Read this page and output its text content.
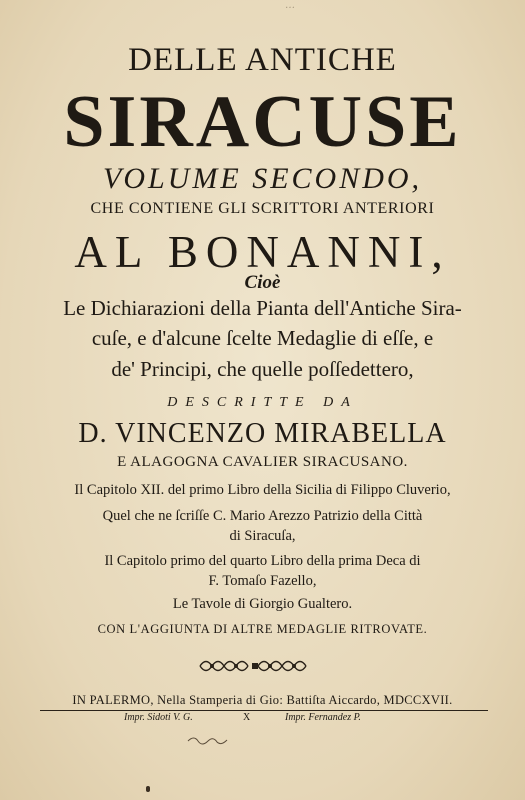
…
DELLE ANTICHE
SIRACUSE
VOLUME SECONDO,
CHE CONTIENE GLI SCRITTORI ANTERIORI
AL BONANNI,
Cioè
Le Dichiarazioni della Pianta dell'Antiche Sira-
cuſe, e d'alcune ſcelte Medaglie di eſſe, e
de' Principi, che quelle poſſedettero,
DESCRITTE DA
D. VINCENZO MIRABELLA
E ALAGOGNA CAVALIER SIRACUSANO.
Il Capitolo XII. del primo Libro della Sicilia di Filippo Cluverio,
Quel che ne ſcriſſe C. Mario Arezzo Patrizio della Città
di Siracuſa,
Il Capitolo primo del quarto Libro della prima Deca di
F. Tomaſo Fazello,
Le Tavole di Giorgio Gualtero.
CON L'AGGIUNTA DI ALTRE MEDAGLIE RITROVATE.
IN PALERMO, Nella Stamperia di Gio: Battiſta Aiccardo, MDCCXVII.
Impr. Sidoti V. G.	X	Impr. Fernandez P.
